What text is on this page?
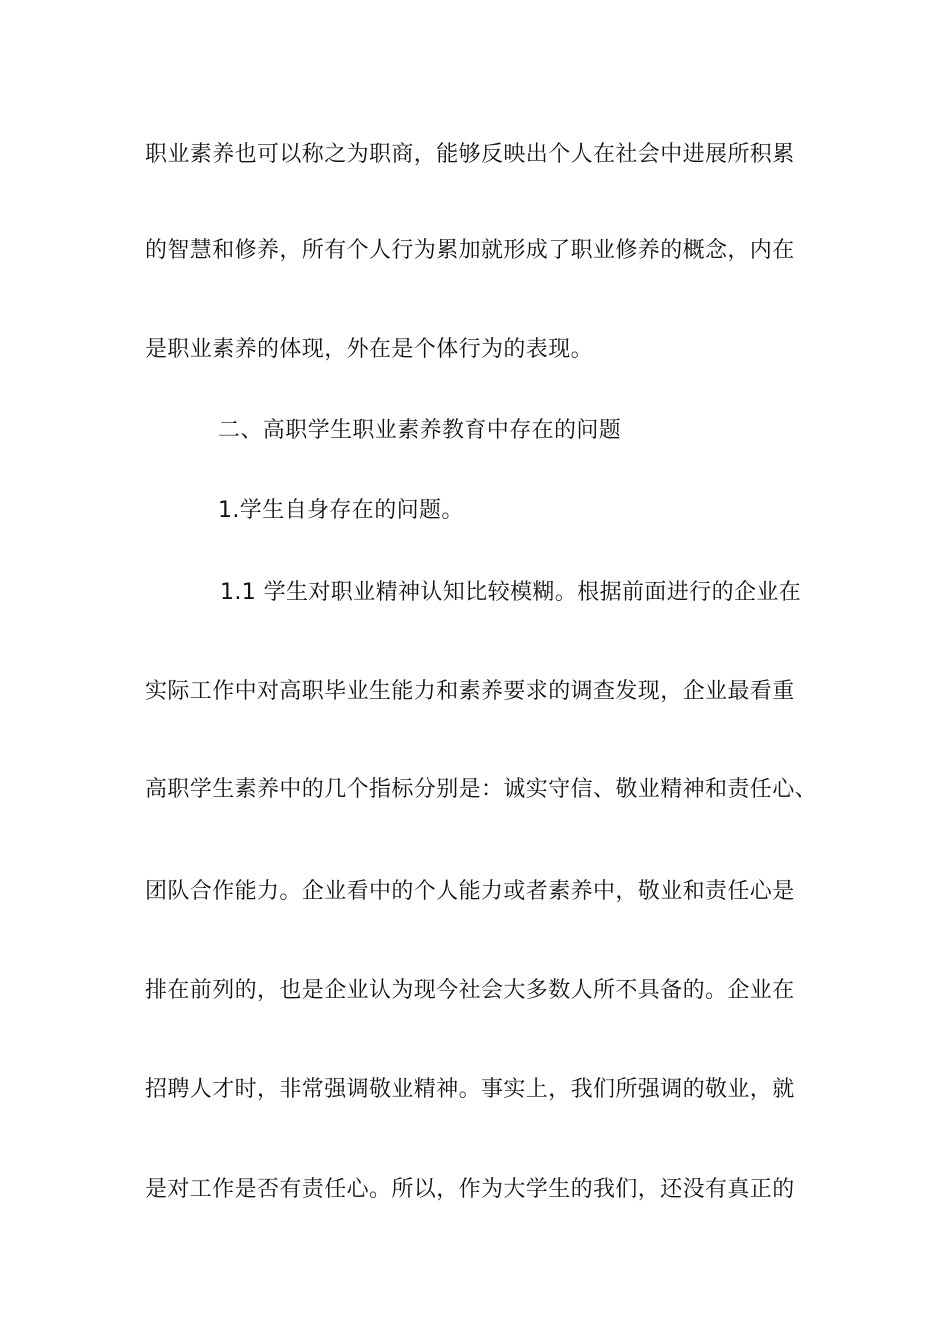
职业素养也可以称之为职商，能够反映出个人在社会中进展所积累
的智慧和修养，所有个人行为累加就形成了职业修养的概念，内在
是职业素养的体现，外在是个体行为的表现。
二、高职学生职业素养教育中存在的问题
1.学生自身存在的问题。
1.1 学生对职业精神认知比较模糊。根据前面进行的企业在
实际工作中对高职毕业生能力和素养要求的调查发现，企业最看重
高职学生素养中的几个指标分别是：诚实守信、敬业精神和责任心、
团队合作能力。企业看中的个人能力或者素养中，敬业和责任心是
排在前列的，也是企业认为现今社会大多数人所不具备的。企业在
招聘人才时，非常强调敬业精神。事实上，我们所强调的敬业，就
是对工作是否有责任心。所以，作为大学生的我们，还没有真正的
